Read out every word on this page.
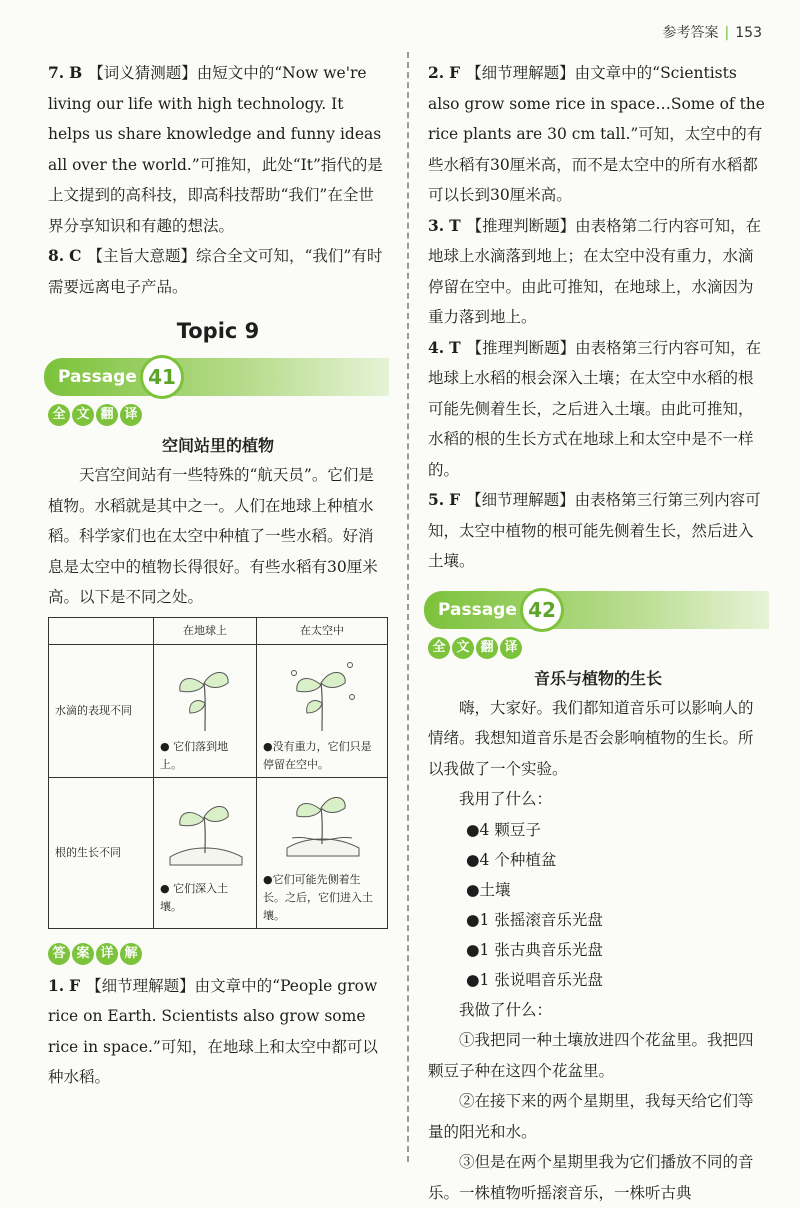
参考答案 | 153
7. B 【词义猜测题】由短文中的“Now we're living our life with high technology. It helps us share knowledge and funny ideas all over the world.”可推知，此处“It”指代的是上文提到的高科技，即高科技帮助“我们”在全世界分享知识和有趣的想法。
8. C 【主旨大意题】综合全文可知，“我们”有时需要远离电子产品。
Topic 9
Passage 41
全 文 翻 译
空间站里的植物

天宫空间站有一些特殊的“航天员”。它们是植物。水稻就是其中之一。人们在地球上种植水稻。科学家们也在太空中种植了一些水稻。好消息是太空中的植物长得很好。有些水稻有30厘米高。以下是不同之处。

	在地球上	在太空中
水滴的表现不同	● 它们落到地上。	●没有重力，它们只是停留在空中。

根的生长不同	● 它们深入土壤。	●它们可能先侧着生长。之后，它们进入土壤。
答 案 详 解
1. F 【细节理解题】由文章中的“People grow rice on Earth. Scientists also grow some rice in space.”可知，在地球上和太空中都可以种水稻。
2. F 【细节理解题】由文章中的“Scientists also grow some rice in space…Some of the rice plants are 30 cm tall.”可知，太空中的有些水稻有30厘米高，而不是太空中的所有水稻都可以长到30厘米高。
3. T 【推理判断题】由表格第二行内容可知，在地球上水滴落到地上；在太空中没有重力，水滴停留在空中。由此可推知，在地球上，水滴因为重力落到地上。
4. T 【推理判断题】由表格第三行内容可知，在地球上水稻的根会深入土壤；在太空中水稻的根可能先侧着生长，之后进入土壤。由此可推知，水稻的根的生长方式在地球上和太空中是不一样的。
5. F 【细节理解题】由表格第三行第三列内容可知，太空中植物的根可能先侧着生长，然后进入土壤。
Passage 42
全 文 翻 译
音乐与植物的生长

嗨，大家好。我们都知道音乐可以影响人的情绪。我想知道音乐是否会影响植物的生长。所以我做了一个实验。

我用了什么：

●4 颗豆子
●4 个种植盆
●土壤
●1 张摇滚音乐光盘
●1 张古典音乐光盘
●1 张说唱音乐光盘

我做了什么：

①我把同一种土壤放进四个花盆里。我把四颗豆子种在这四个花盆里。

②在接下来的两个星期里，我每天给它们等量的阳光和水。

③但是在两个星期里我为它们播放不同的音乐。一株植物听摇滚音乐，一株听古典
